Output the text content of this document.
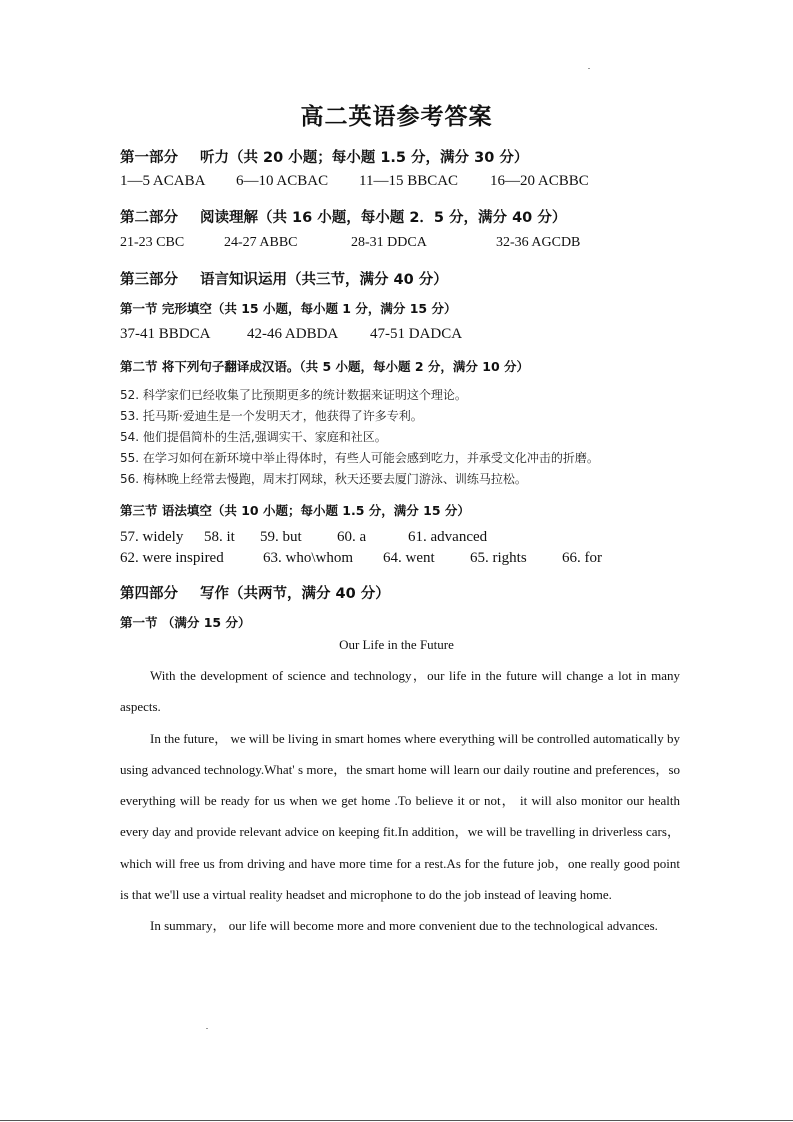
高二英语参考答案
第一部分 听力（共 20 小题；每小题 1.5 分，满分 30 分）
1—5 ACABA 6—10 ACBAC 11—15 BBCAC 16—20 ACBBC
第二部分 阅读理解（共 16 小题，每小题 2．5 分，满分 40 分）
21-23 CBC	24-27 ABBC	28-31 DDCA	32-36 AGCDB
第三部分 语言知识运用（共三节，满分 40 分）
第一节 完形填空（共 15 小题，每小题 1 分，满分 15 分）
37-41 BBDCA 42-46 ADBDA 47-51 DADCA
第二节 将下列句子翻译成汉语。（共 5 小题，每小题 2 分，满分 10 分）
52. 科学家们已经收集了比预期更多的统计数据来证明这个理论。
53. 托马斯·爱迪生是一个发明天才，他获得了许多专利。
54. 他们提倡简朴的生活,强调实干、家庭和社区。
55. 在学习如何在新环境中举止得体时，有些人可能会感到吃力，并承受文化冲击的折磨。
56. 梅林晚上经常去慢跑，周末打网球，秋天还要去厦门游泳、训练马拉松。
第三节 语法填空（共 10 小题；每小题 1.5 分，满分 15 分）
57. widely 58. it 59. but 60. a	61. advanced
62. were inspired	63. who\whom 64. went 65. rights 66. for
第四部分 写作（共两节，满分 40 分）
第一节 （满分 15 分）
Our Life in the Future

With the development of science and technology，our life in the future will change a lot in many aspects.

In the future， we will be living in smart homes where everything will be controlled automatically by using advanced technology.What' s more，the smart home will learn our daily routine and preferences，so everything will be ready for us when we get home .To believe it or not， it will also monitor our health every day and provide relevant advice on keeping fit.In addition，we will be travelling in driverless cars，which will free us from driving and have more time for a rest.As for the future job，one really good point is that we'll use a virtual reality headset and microphone to do the job instead of leaving home.

In summary， our life will become more and more convenient due to the technological advances.
